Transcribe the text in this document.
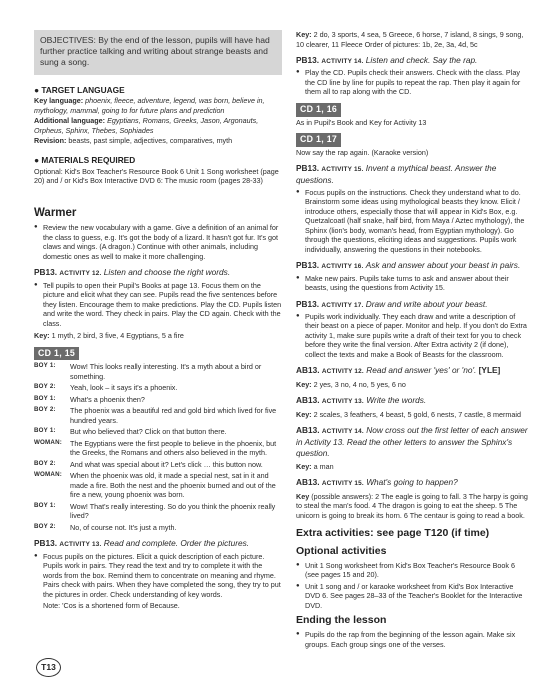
OBJECTIVES: By the end of the lesson, pupils will have had further practice talking and writing about strange beasts and sung a song.
● TARGET LANGUAGE
Key language: phoenix, fleece, adventure, legend, was born, believe in, mythology, mammal, going to for future plans and prediction
Additional language: Egyptians, Romans, Greeks, Jason, Argonauts, Orpheus, Sphinx, Thebes, Sophiades
Revision: beasts, past simple, adjectives, comparatives, myth
● MATERIALS REQUIRED
Optional: Kid's Box Teacher's Resource Book 6 Unit 1 Song worksheet (page 20) and / or Kid's Box Interactive DVD 6: The music room (pages 28-33)
Warmer
● Review the new vocabulary with a game. Give a definition of an animal for the class to guess, e.g. It's got the body of a lizard. It hasn't got fur. It's got claws and wings. (A dragon.) Continue with other animals, including domestic ones as well to make it more challenging.
PB13. ACTIVITY 12. Listen and choose the right words.
● Tell pupils to open their Pupil's Books at page 13. Focus them on the picture and elicit what they can see. Pupils read the five sentences before they listen. Encourage them to make predictions. Play the CD. Pupils listen and write the word. They check in pairs. Play the CD again. Check with the class.
Key: 1 myth, 2 bird, 3 five, 4 Egyptians, 5 a fire
CD 1, 15
BOY 1: Wow! This looks really interesting. It's a myth about a bird or something.
BOY 2: Yeah, look – it says it's a phoenix.
BOY 1: What's a phoenix then?
BOY 2: The phoenix was a beautiful red and gold bird which lived for five hundred years.
BOY 1: But who believed that? Click on that button there.
WOMAN: The Egyptians were the first people to believe in the phoenix, but the Greeks, the Romans and others also believed in the myth.
BOY 2: And what was special about it? Let's click … this button now.
WOMAN: When the phoenix was old, it made a special nest, sat in it and made a fire. Both the nest and the phoenix burned and out of the fire a new, young phoenix was born.
BOY 1: Wow! That's really interesting. So do you think the phoenix really lived?
BOY 2: No, of course not. It's just a myth.
PB13. ACTIVITY 13. Read and complete. Order the pictures.
● Focus pupils on the pictures. Elicit a quick description of each picture. Pupils work in pairs. They read the text and try to complete it with the words from the box. Remind them to concentrate on meaning and rhyme. Pairs check with pairs. When they have completed the song, they try to put the pictures in order. Check understanding of key words.
Note: 'Cos is a shortened form of Because.
Key: 2 do, 3 sports, 4 sea, 5 Greece, 6 horse, 7 island, 8 sings, 9 song, 10 clearer, 11 Fleece Order of pictures: 1b, 2e, 3a, 4d, 5c
PB13. ACTIVITY 14. Listen and check. Say the rap.
● Play the CD. Pupils check their answers. Check with the class. Play the CD line by line for pupils to repeat the rap. Then play it again for them all to rap along with the CD.
CD 1, 16
As in Pupil's Book and Key for Activity 13
CD 1, 17
Now say the rap again. (Karaoke version)
PB13. ACTIVITY 15. Invent a mythical beast. Answer the questions.
● Focus pupils on the instructions. Check they understand what to do. Brainstorm some ideas using mythological beasts they know. Elicit / introduce others, especially those that will appear in Kid's Box, e.g. Quetzalcoatl (half snake, half bird, from Maya / Aztec mythology), the Sphinx (lion's body, woman's head, from Egyptian mythology). Go through the questions, eliciting ideas and suggestions. Pupils work individually, answering the questions in their notebooks.
PB13. ACTIVITY 16. Ask and answer about your beast in pairs.
● Make new pairs. Pupils take turns to ask and answer about their beasts, using the questions from Activity 15.
PB13. ACTIVITY 17. Draw and write about your beast.
● Pupils work individually. They each draw and write a description of their beast on a piece of paper. Monitor and help. If you don't do Extra activity 1, make sure pupils write a draft of their text for you to check before they write the final version. After Extra activity 2 (if done), collect the texts and make a Book of Beasts for the classroom.
AB13. ACTIVITY 12. Read and answer 'yes' or 'no'. [YLE]
Key: 2 yes, 3 no, 4 no, 5 yes, 6 no
AB13. ACTIVITY 13. Write the words.
Key: 2 scales, 3 feathers, 4 beast, 5 gold, 6 nests, 7 castle, 8 mermaid
AB13. ACTIVITY 14. Now cross out the first letter of each answer in Activity 13. Read the other letters to answer the Sphinx's question.
Key: a man
AB13. ACTIVITY 15. What's going to happen?
Key (possible answers): 2 The eagle is going to fall. 3 The harpy is going to steal the man's food. 4 The dragon is going to eat the sheep. 5 The unicorn is going to break its horn. 6 The centaur is going to read a book.
Extra activities: see page T120 (if time)
Optional activities
● Unit 1 Song worksheet from Kid's Box Teacher's Resource Book 6 (see pages 15 and 20).
● Unit 1 song and / or karaoke worksheet from Kid's Box Interactive DVD 6. See pages 28–33 of the Teacher's Booklet for the Interactive DVD.
Ending the lesson
● Pupils do the rap from the beginning of the lesson again. Make six groups. Each group sings one of the verses.
T13
